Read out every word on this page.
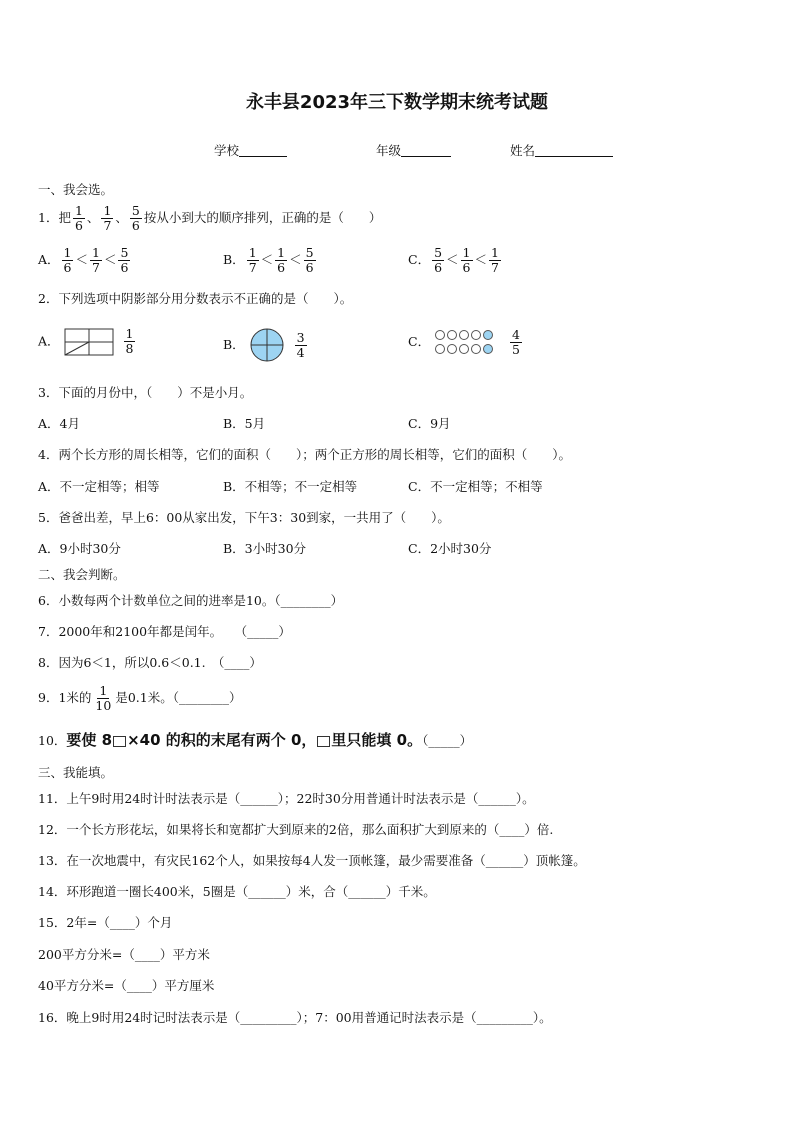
永丰县2023年三下数学期末统考试题
学校	年级	姓名
一、我会选。
1．把 $\frac{1}{6}$ 、 $\frac{1}{7}$ 、 $\frac{5}{6}$ 按从小到大的顺序排列，正确的是（　　）
A． $\frac{1}{6} < \frac{1}{7} < \frac{5}{6}$	B． $\frac{1}{7} < \frac{1}{6} < \frac{5}{6}$	C． $\frac{5}{6} < \frac{1}{6} < \frac{1}{7}$
2．下列选项中阴影部分用分数表示不正确的是（　　）。
A．	$\frac{1}{8}$	B．	$\frac{3}{4}$	C．	$\frac{4}{5}$
3．下面的月份中，（　　）不是小月。
A．4月	B．5月	C．9月
4．两个长方形的周长相等，它们的面积（　　）；两个正方形的周长相等，它们的面积（　　）。
A．不一定相等；相等	B．不相等；不一定相等	C．不一定相等；不相等
5．爸爸出差，早上6：00从家出发，下午3：30到家，一共用了（　　）。
A．9小时30分	B．3小时30分	C．2小时30分
二、我会判断。
6．小数每两个计数单位之间的进率是10。（________）
7．2000年和2100年都是闰年。　　（_____）
8．因为6＜1，所以0.6＜0.1.　（____）
9．1米的 $\frac{1}{10}$ 是0.1米。（________）
10．要使 8 ×40 的积的末尾有两个 0， 里只能填 0。（_____）
三、我能填。
11．上午9时用24时计时法表示是（______）；22时30分用普通计时法表示是（______）。
12．一个长方形花坛，如果将长和宽都扩大到原来的2倍，那么面积扩大到原来的（____）倍.
13．在一次地震中，有灾民162个人，如果按每4人发一顶帐篷，最少需要准备（______）顶帐篷。
14．环形跑道一圈长400米，5圈是（______）米，合（______）千米。
15．2年=（____）个月
200平方分米=（____）平方米
40平方分米=（____）平方厘米
16．晚上9时用24时记时法表示是（_________）；7：00用普通记时法表示是（_________）。
